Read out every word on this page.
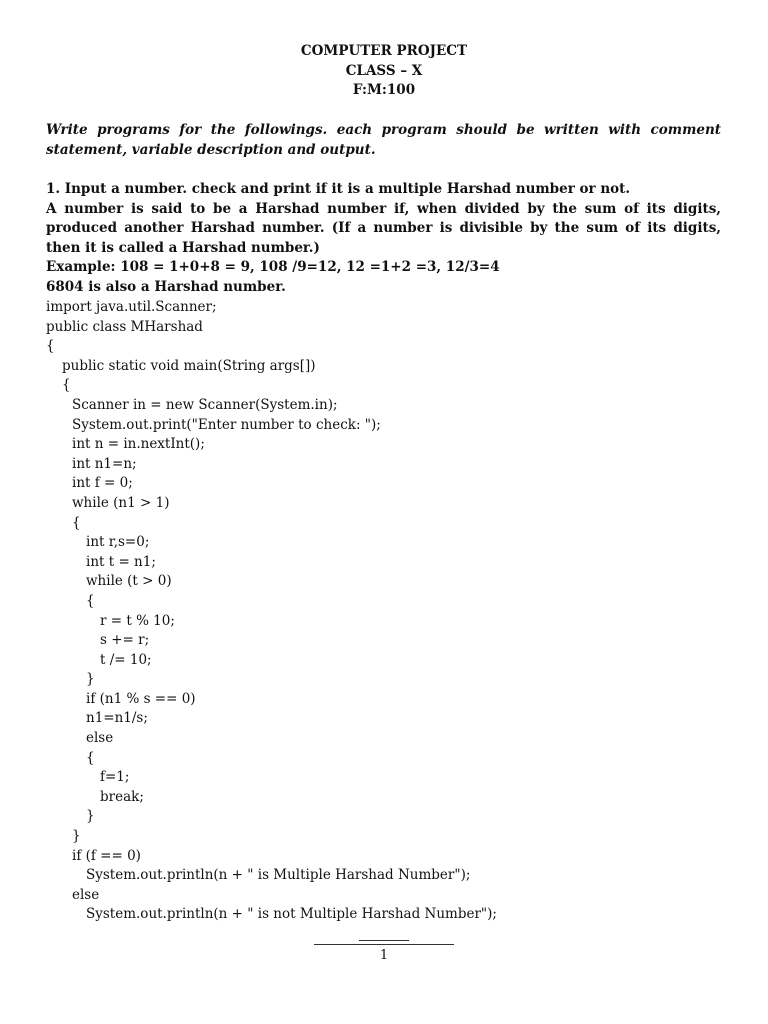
COMPUTER PROJECT
CLASS – X
F:M:100
Write programs for the followings. each program should be written with comment statement, variable description and output.
1. Input a number. check and print if it is a multiple Harshad number or not.
A number is said to be a Harshad number if, when divided by the sum of its digits, produced another Harshad number. (If a number is divisible by the sum of its digits, then it is called a Harshad number.)
Example: 108 = 1+0+8 = 9, 108 /9=12, 12 =1+2 =3, 12/3=4
6804 is also a Harshad number.
import java.util.Scanner;
public class MHarshad
{
public static void main(String args[])
{
Scanner in = new Scanner(System.in);
System.out.print("Enter number to check: ");
int n = in.nextInt();
int n1=n;
int f = 0;
while (n1 > 1)
{
int r,s=0;
int t = n1;
while (t > 0)
{
r = t % 10;
s += r;
t /= 10;
}
if (n1 % s == 0)
n1=n1/s;
else
{
f=1;
break;
}
}
if (f == 0)
System.out.println(n + " is Multiple Harshad Number");
else
System.out.println(n + " is not Multiple Harshad Number");
1
